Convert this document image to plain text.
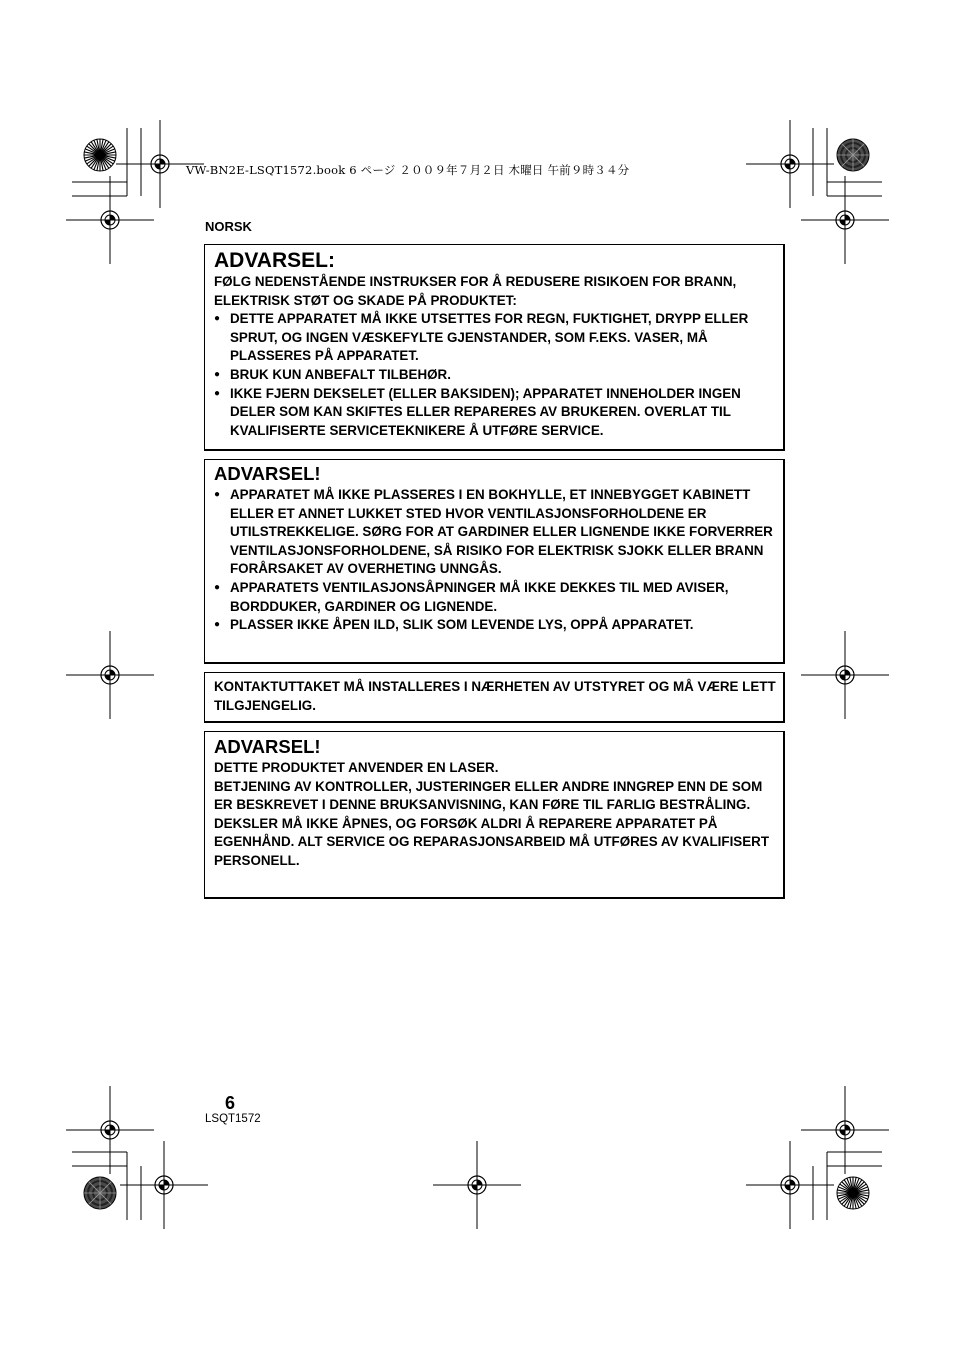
VW-BN2E-LSQT1572.book 6 ページ ２００９年７月２日 木曜日 午前９時３４分
NORSK
ADVARSEL:

FØLG NEDENSTÅENDE INSTRUKSER FOR Å REDUSERE RISIKOEN FOR BRANN, ELEKTRISK STØT OG SKADE PÅ PRODUKTET:

● DETTE APPARATET MÅ IKKE UTSETTES FOR REGN, FUKTIGHET, DRYPP ELLER SPRUT, OG INGEN VÆSKEFYLTE GJENSTANDER, SOM F.EKS. VASER, MÅ PLASSERES PÅ APPARATET.
● BRUK KUN ANBEFALT TILBEHØR.
● IKKE FJERN DEKSELET (ELLER BAKSIDEN); APPARATET INNEHOLDER INGEN DELER SOM KAN SKIFTES ELLER REPARERES AV BRUKEREN. OVERLAT TIL KVALIFISERTE SERVICETEKNIKERE Å UTFØRE SERVICE.
ADVARSEL!
● APPARATET MÅ IKKE PLASSERES I EN BOKHYLLE, ET INNEBYGGET KABINETT ELLER ET ANNET LUKKET STED HVOR VENTILASJONSFORHOLDENE ER UTILSTREKKELIGE. SØRG FOR AT GARDINER ELLER LIGNENDE IKKE FORVERRER VENTILASJONSFORHOLDENE, SÅ RISIKO FOR ELEKTRISK SJOKK ELLER BRANN FORÅRSAKET AV OVERHETING UNNGÅS.
● APPARATETS VENTILASJONSÅPNINGER MÅ IKKE DEKKES TIL MED AVISER, BORDDUKER, GARDINER OG LIGNENDE.
● PLASSER IKKE ÅPEN ILD, SLIK SOM LEVENDE LYS, OPPÅ APPARATET.

KONTAKTUTTAKET MÅ INSTALLERES I NÆRHETEN AV UTSTYRET OG MÅ VÆRE LETT TILGJENGELIG.

ADVARSEL!

DETTE PRODUKTET ANVENDER EN LASER.

BETJENING AV KONTROLLER, JUSTERINGER ELLER ANDRE INNGREP ENN DE SOM ER BESKREVET I DENNE BRUKSANVISNING, KAN FØRE TIL FARLIG BESTRÅLING.

DEKSLER MÅ IKKE ÅPNES, OG FORSØK ALDRI Å REPARERE APPARATET PÅ EGENHÅND. ALT SERVICE OG REPARASJONSARBEID MÅ UTFØRES AV KVALIFISERT PERSONELL.

6
LSQT1572
